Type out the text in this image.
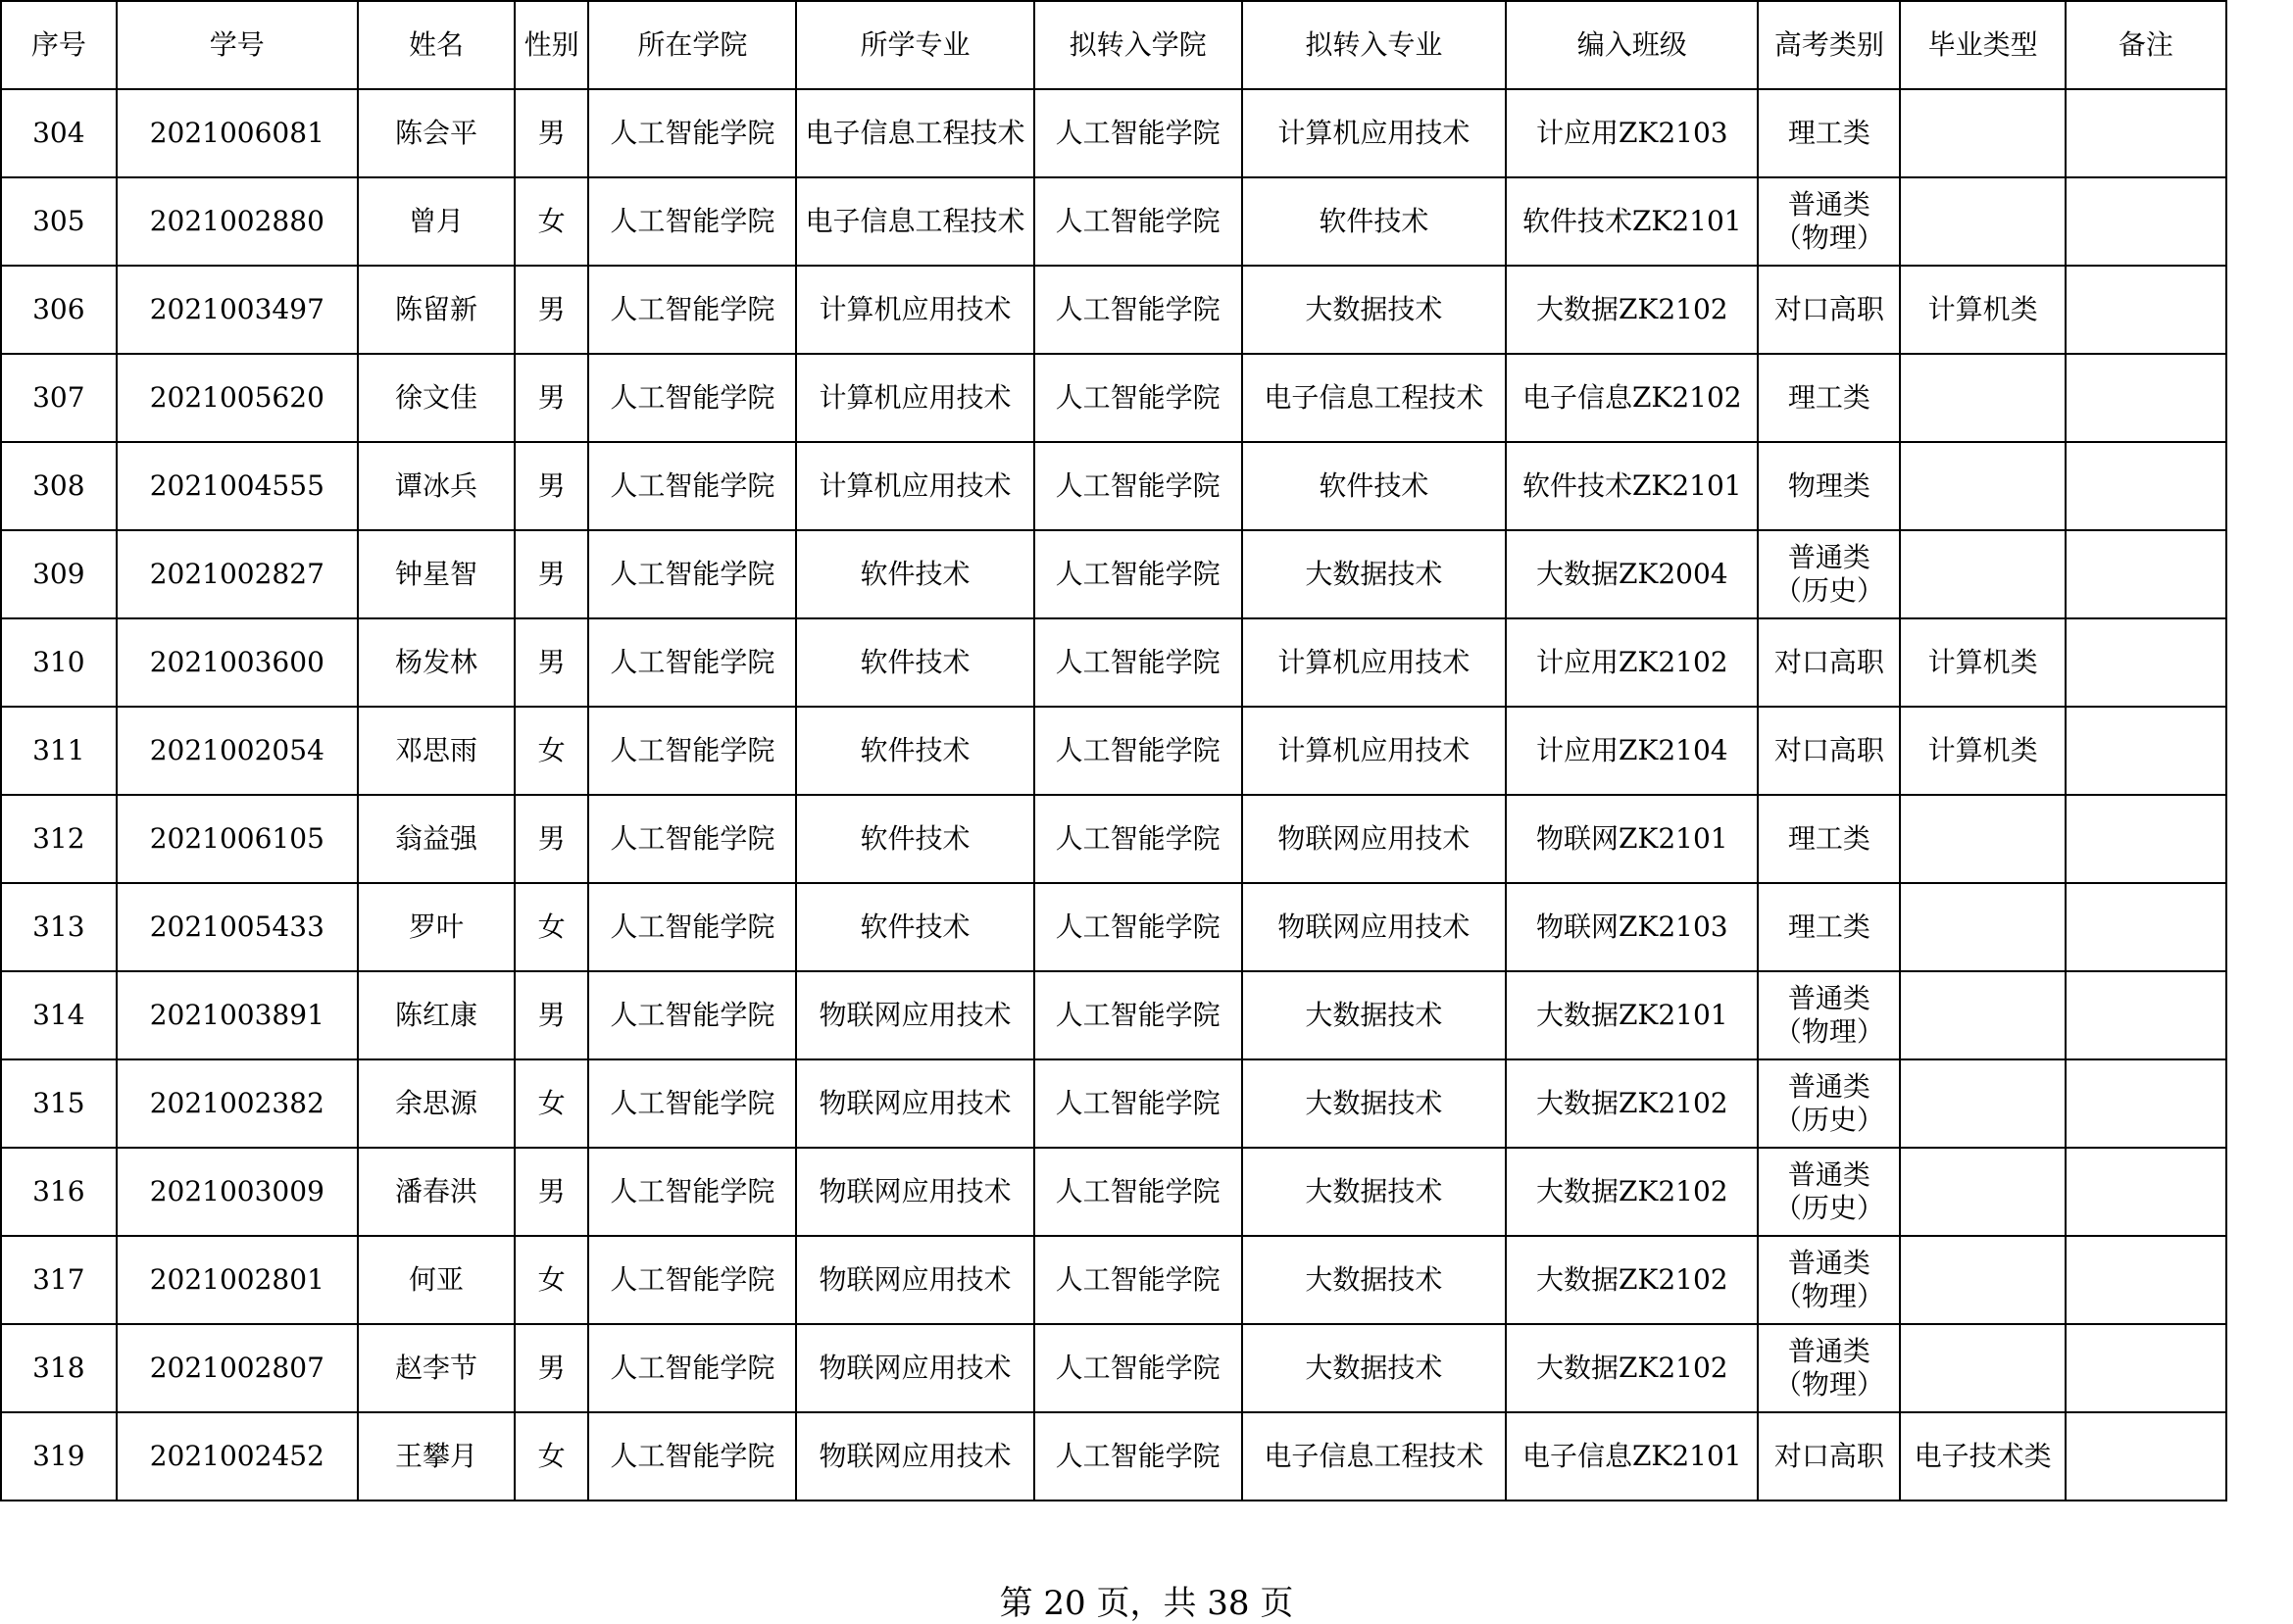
序号	学号	姓名	性别	所在学院	所学专业	拟转入学院	拟转入专业	编入班级	高考类别	毕业类型	备注
304	2021006081	陈会平	男	人工智能学院	电子信息工程技术	人工智能学院	计算机应用技术	计应用ZK2103	理工类		
305	2021002880	曾月	女	人工智能学院	电子信息工程技术	人工智能学院	软件技术	软件技术ZK2101	普通类（物理）		
306	2021003497	陈留新	男	人工智能学院	计算机应用技术	人工智能学院	大数据技术	大数据ZK2102	对口高职	计算机类	
307	2021005620	徐文佳	男	人工智能学院	计算机应用技术	人工智能学院	电子信息工程技术	电子信息ZK2102	理工类		
308	2021004555	谭冰兵	男	人工智能学院	计算机应用技术	人工智能学院	软件技术	软件技术ZK2101	物理类		
309	2021002827	钟星智	男	人工智能学院	软件技术	人工智能学院	大数据技术	大数据ZK2004	普通类（历史）		
310	2021003600	杨发林	男	人工智能学院	软件技术	人工智能学院	计算机应用技术	计应用ZK2102	对口高职	计算机类	
311	2021002054	邓思雨	女	人工智能学院	软件技术	人工智能学院	计算机应用技术	计应用ZK2104	对口高职	计算机类	
312	2021006105	翁益强	男	人工智能学院	软件技术	人工智能学院	物联网应用技术	物联网ZK2101	理工类		
313	2021005433	罗叶	女	人工智能学院	软件技术	人工智能学院	物联网应用技术	物联网ZK2103	理工类		
314	2021003891	陈红康	男	人工智能学院	物联网应用技术	人工智能学院	大数据技术	大数据ZK2101	普通类（物理）		
315	2021002382	余思源	女	人工智能学院	物联网应用技术	人工智能学院	大数据技术	大数据ZK2102	普通类（历史）		
316	2021003009	潘春洪	男	人工智能学院	物联网应用技术	人工智能学院	大数据技术	大数据ZK2102	普通类（历史）		
317	2021002801	何亚	女	人工智能学院	物联网应用技术	人工智能学院	大数据技术	大数据ZK2102	普通类（物理）		
318	2021002807	赵李节	男	人工智能学院	物联网应用技术	人工智能学院	大数据技术	大数据ZK2102	普通类（物理）		
319	2021002452	王攀月	女	人工智能学院	物联网应用技术	人工智能学院	电子信息工程技术	电子信息ZK2101	对口高职	电子技术类	
第 20 页，共 38 页
